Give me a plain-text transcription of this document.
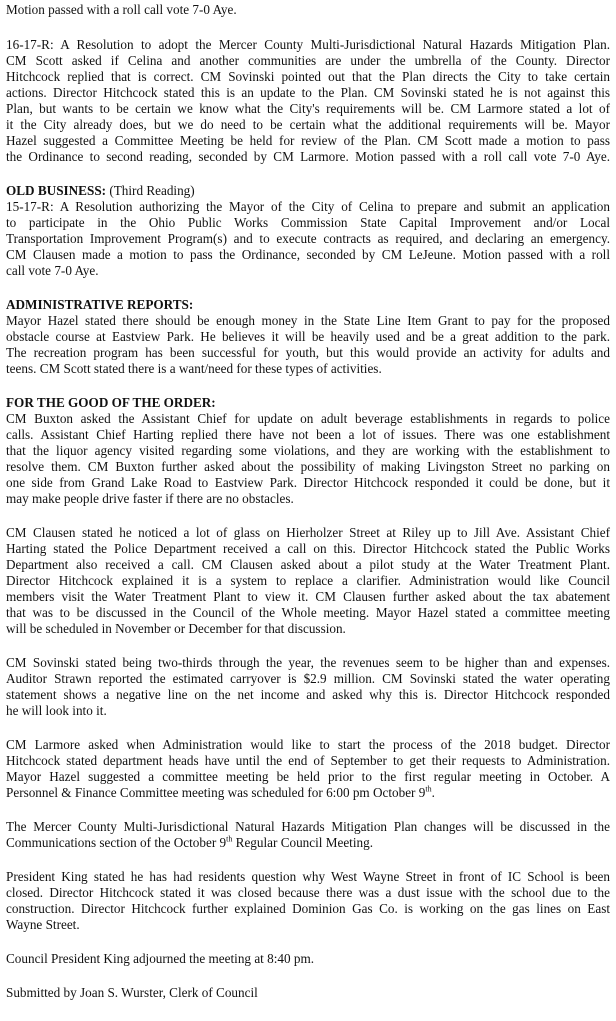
Motion passed with a roll call vote 7-0 Aye.
16-17-R: A Resolution to adopt the Mercer County Multi-Jurisdictional Natural Hazards Mitigation Plan.
CM Scott asked if Celina and another communities are under the umbrella of the County. Director
Hitchcock replied that is correct. CM Sovinski pointed out that the Plan directs the City to take certain
actions. Director Hitchcock stated this is an update to the Plan. CM Sovinski stated he is not against this
Plan, but wants to be certain we know what the City's requirements will be. CM Larmore stated a lot of
it the City already does, but we do need to be certain what the additional requirements will be. Mayor
Hazel suggested a Committee Meeting be held for review of the Plan. CM Scott made a motion to pass
the Ordinance to second reading, seconded by CM Larmore. Motion passed with a roll call vote 7-0 Aye.
OLD BUSINESS: (Third Reading)
15-17-R: A Resolution authorizing the Mayor of the City of Celina to prepare and submit an application
to participate in the Ohio Public Works Commission State Capital Improvement and/or Local
Transportation Improvement Program(s) and to execute contracts as required, and declaring an emergency.
CM Clausen made a motion to pass the Ordinance, seconded by CM LeJeune. Motion passed with a roll
call vote 7-0 Aye.
ADMINISTRATIVE REPORTS:
Mayor Hazel stated there should be enough money in the State Line Item Grant to pay for the proposed
obstacle course at Eastview Park. He believes it will be heavily used and be a great addition to the park.
The recreation program has been successful for youth, but this would provide an activity for adults and
teens. CM Scott stated there is a want/need for these types of activities.
FOR THE GOOD OF THE ORDER:
CM Buxton asked the Assistant Chief for update on adult beverage establishments in regards to police
calls. Assistant Chief Harting replied there have not been a lot of issues. There was one establishment
that the liquor agency visited regarding some violations, and they are working with the establishment to
resolve them. CM Buxton further asked about the possibility of making Livingston Street no parking on
one side from Grand Lake Road to Eastview Park. Director Hitchcock responded it could be done, but it
may make people drive faster if there are no obstacles.
CM Clausen stated he noticed a lot of glass on Hierholzer Street at Riley up to Jill Ave. Assistant Chief
Harting stated the Police Department received a call on this. Director Hitchcock stated the Public Works
Department also received a call. CM Clausen asked about a pilot study at the Water Treatment Plant.
Director Hitchcock explained it is a system to replace a clarifier. Administration would like Council
members visit the Water Treatment Plant to view it. CM Clausen further asked about the tax abatement
that was to be discussed in the Council of the Whole meeting. Mayor Hazel stated a committee meeting
will be scheduled in November or December for that discussion.
CM Sovinski stated being two-thirds through the year, the revenues seem to be higher than and expenses.
Auditor Strawn reported the estimated carryover is $2.9 million. CM Sovinski stated the water operating
statement shows a negative line on the net income and asked why this is. Director Hitchcock responded
he will look into it.
CM Larmore asked when Administration would like to start the process of the 2018 budget. Director
Hitchcock stated department heads have until the end of September to get their requests to Administration.
Mayor Hazel suggested a committee meeting be held prior to the first regular meeting in October. A
Personnel & Finance Committee meeting was scheduled for 6:00 pm October 9th.
The Mercer County Multi-Jurisdictional Natural Hazards Mitigation Plan changes will be discussed in the
Communications section of the October 9th Regular Council Meeting.
President King stated he has had residents question why West Wayne Street in front of IC School is been
closed. Director Hitchcock stated it was closed because there was a dust issue with the school due to the
construction. Director Hitchcock further explained Dominion Gas Co. is working on the gas lines on East
Wayne Street.
Council President King adjourned the meeting at 8:40 pm.
Submitted by Joan S. Wurster, Clerk of Council
